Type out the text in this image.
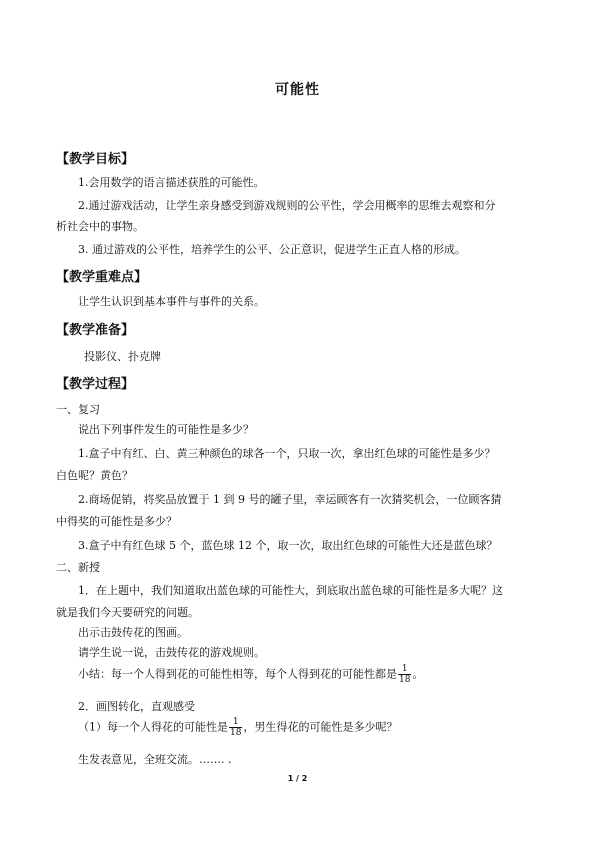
可能性
【教学目标】
1.会用数学的语言描述获胜的可能性。
2.通过游戏活动，让学生亲身感受到游戏规则的公平性，学会用概率的思维去观察和分
析社会中的事物。
3. 通过游戏的公平性，培养学生的公平、公正意识，促进学生正直人格的形成。
【教学重难点】
让学生认识到基本事件与事件的关系。
【教学准备】
投影仪、扑克牌
【教学过程】
一、复习
说出下列事件发生的可能性是多少？
1.盒子中有红、白、黄三种颜色的球各一个，只取一次，拿出红色球的可能性是多少？
白色呢？黄色？
2.商场促销，将奖品放置于 1 到 9 号的罐子里，幸运顾客有一次猜奖机会，一位顾客猜
中得奖的可能性是多少？
3.盒子中有红色球 5 个，蓝色球 12 个，取一次，取出红色球的可能性大还是蓝色球？
二、新授
1．在上题中，我们知道取出蓝色球的可能性大，到底取出蓝色球的可能性是多大呢？这
就是我们今天要研究的问题。
出示击鼓传花的图画。
请学生说一说，击鼓传花的游戏规则。
小结：每一个人得到花的可能性相等，每个人得到花的可能性都是 $\frac{1}{18}$ 。
2．画图转化，直观感受
（1）每一个人得花的可能性是 $\frac{1}{18}$ ，男生得花的可能性是多少呢？
生发表意见，全班交流。……. .
1 / 2
